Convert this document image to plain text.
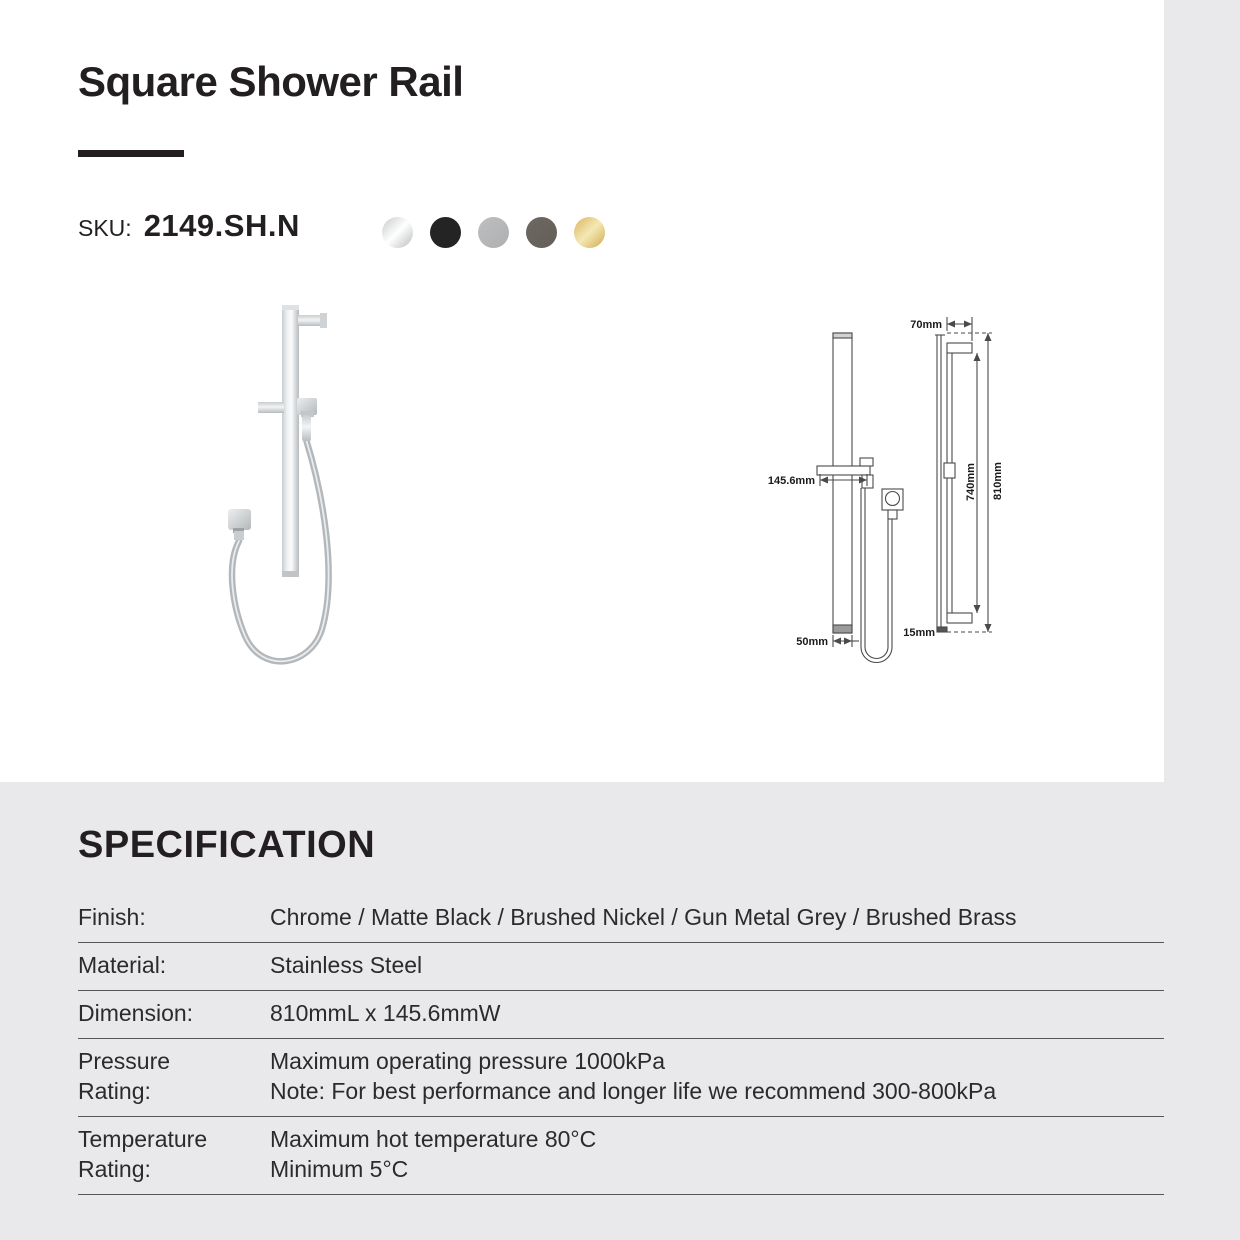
Square Shower Rail
SKU: 2149.SH.N
145.6mm
50mm
70mm
740mm 810mm
15mm
SPECIFICATION
Finish:	Chrome / Matte Black / Brushed Nickel / Gun Metal Grey / Brushed Brass
Material:	Stainless Steel
Dimension:	810mmL x 145.6mmW
Pressure Rating:
Maximum operating pressure 1000kPa
Note: For best performance and longer life we recommend 300-800kPa
Temperature Rating:
Maximum hot temperature 80°C
Minimum 5°C
